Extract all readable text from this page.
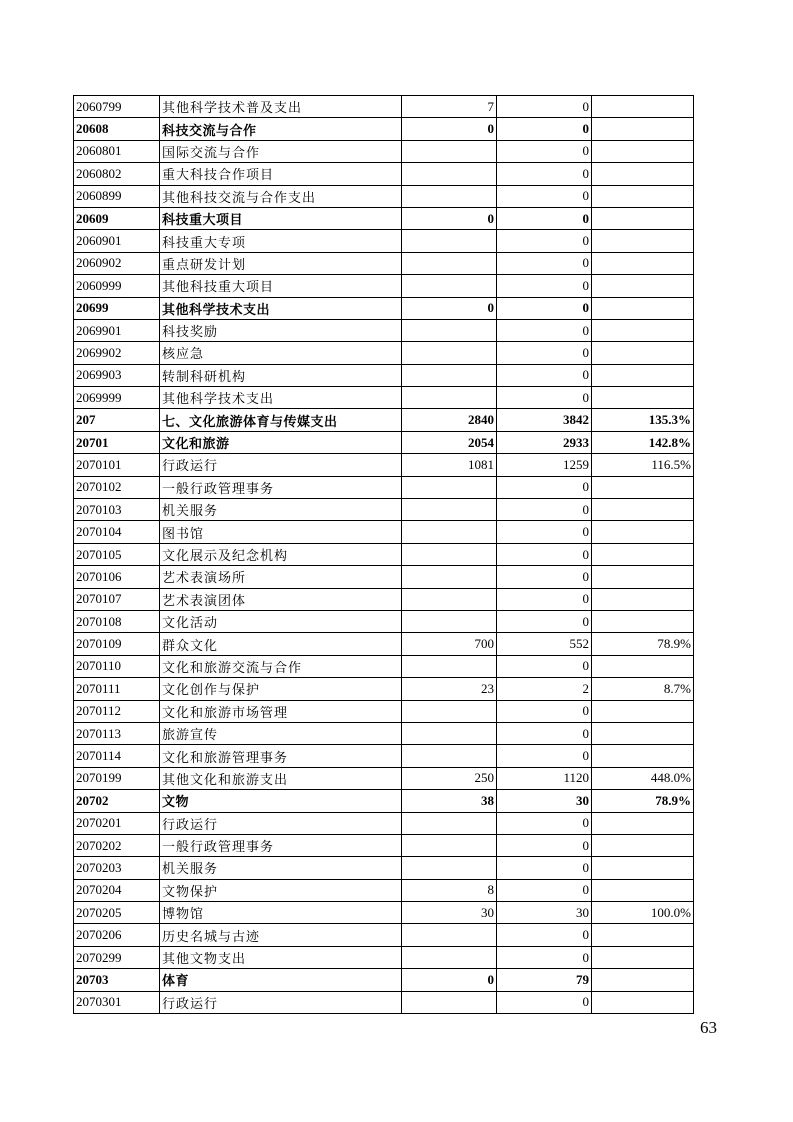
2060799	其他科学技术普及支出	7	0	
20608	科技交流与合作	0	0	
2060801	国际交流与合作		0	
2060802	重大科技合作项目		0	
2060899	其他科技交流与合作支出		0	
20609	科技重大项目	0	0	
2060901	科技重大专项		0	
2060902	重点研发计划		0	
2060999	其他科技重大项目		0	
20699	其他科学技术支出	0	0	
2069901	科技奖励		0	
2069902	核应急		0	
2069903	转制科研机构		0	
2069999	其他科学技术支出		0	
207	七、文化旅游体育与传媒支出	2840	3842	135.3%
20701	文化和旅游	2054	2933	142.8%
2070101	行政运行	1081	1259	116.5%
2070102	一般行政管理事务		0	
2070103	机关服务		0	
2070104	图书馆		0	
2070105	文化展示及纪念机构		0	
2070106	艺术表演场所		0	
2070107	艺术表演团体		0	
2070108	文化活动		0	
2070109	群众文化	700	552	78.9%
2070110	文化和旅游交流与合作		0	
2070111	文化创作与保护	23	2	8.7%
2070112	文化和旅游市场管理		0	
2070113	旅游宣传		0	
2070114	文化和旅游管理事务		0	
2070199	其他文化和旅游支出	250	1120	448.0%
20702	文物	38	30	78.9%
2070201	行政运行		0	
2070202	一般行政管理事务		0	
2070203	机关服务		0	
2070204	文物保护	8	0	
2070205	博物馆	30	30	100.0%
2070206	历史名城与古迹		0	
2070299	其他文物支出		0	
20703	体育	0	79	
2070301	行政运行		0	
63
